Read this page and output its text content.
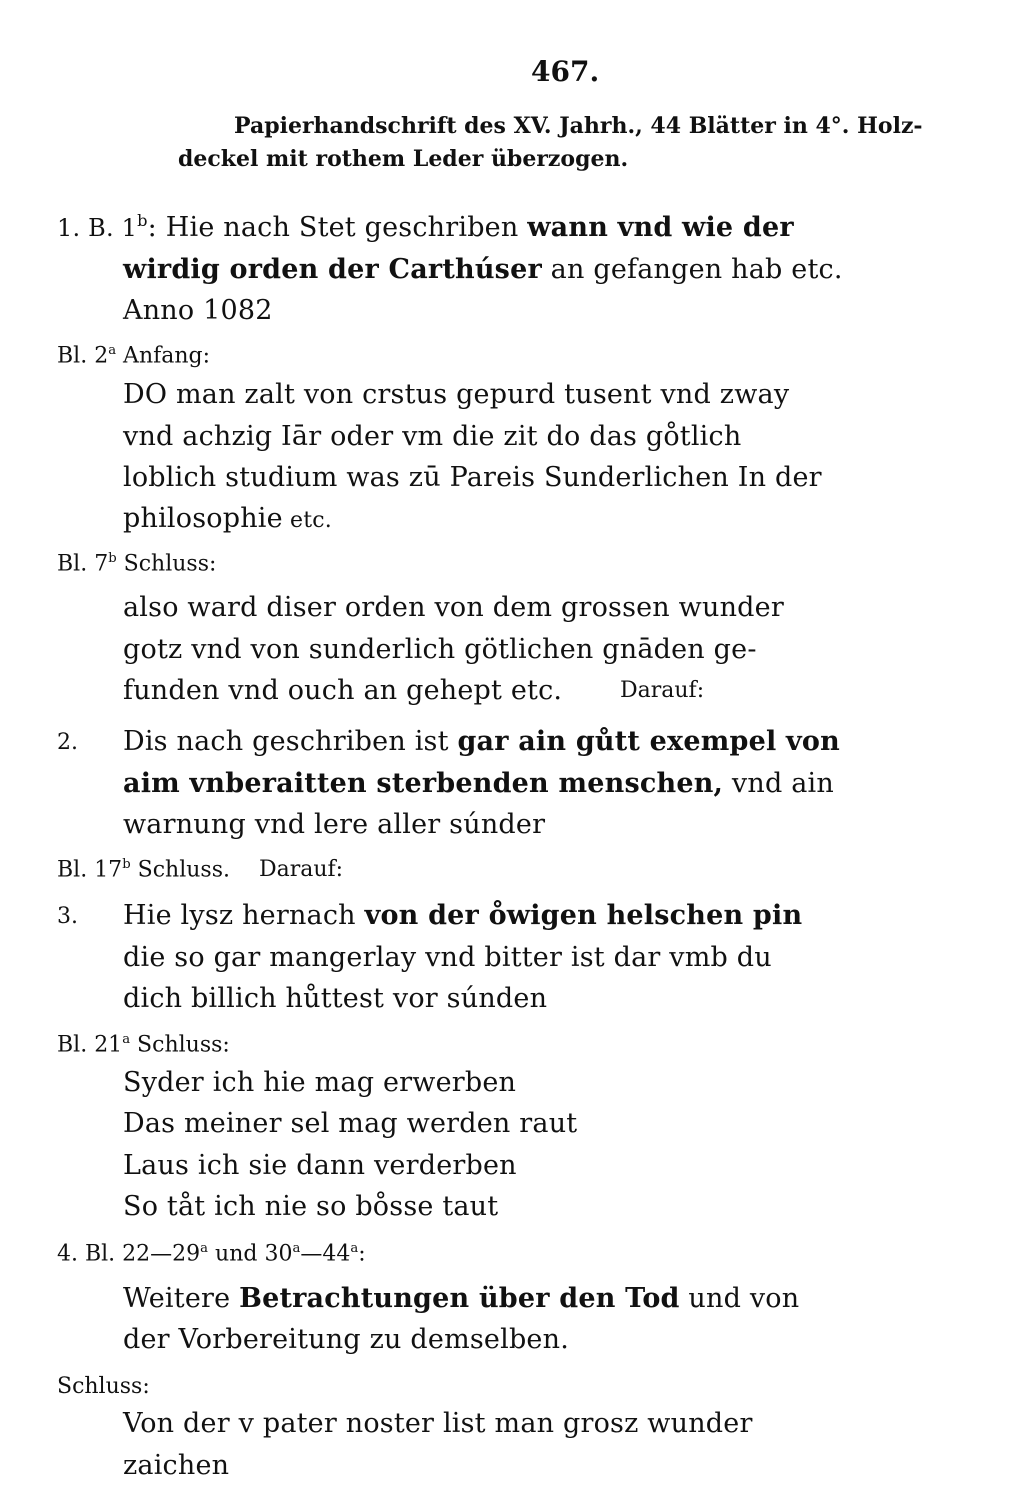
467.
Papierhandschrift des XV. Jahrh., 44 Blätter in 4°. Holz-
deckel mit rothem Leder überzogen.
1. B. 1$^b$: Hie nach Stet geschriben wann vnd wie der
wirdig orden der Carthúser an gefangen hab etc.
Anno 1082
Bl. 2$^a$ Anfang:
DO man zalt von crstus gepurd tusent vnd zway
vnd achzig Iār oder vm die zit do das go̊tlich
loblich studium was zū Pareis Sunderlichen In der
philosophie etc.
Bl. 7$^b$ Schluss:
also ward diser orden von dem grossen wunder
gotz vnd von sunderlich götlichen gnāden ge-
funden vnd ouch an gehept etc.	Darauf:
2. Dis nach geschriben ist gar ain gůtt exempel von
aim vnberaitten sterbenden menschen, vnd ain
warnung vnd lere aller súnder
Bl. 17$^b$ Schluss. Darauf:
3. Hie lysz hernach von der o̊wigen helschen pin
die so gar mangerlay vnd bitter ist dar vmb du
dich billich hůttest vor súnden
Bl. 21$^a$ Schluss:
Syder ich hie mag erwerben
Das meiner sel mag werden raut
Laus ich sie dann verderben
So tåt ich nie so bo̊sse taut
4. Bl. 22—29$^a$ und 30$^a$—44$^a$:
Weitere Betrachtungen über den Tod und von
der Vorbereitung zu demselben.
Schluss:
Von der v pater noster list man grosz wunder
zaichen
